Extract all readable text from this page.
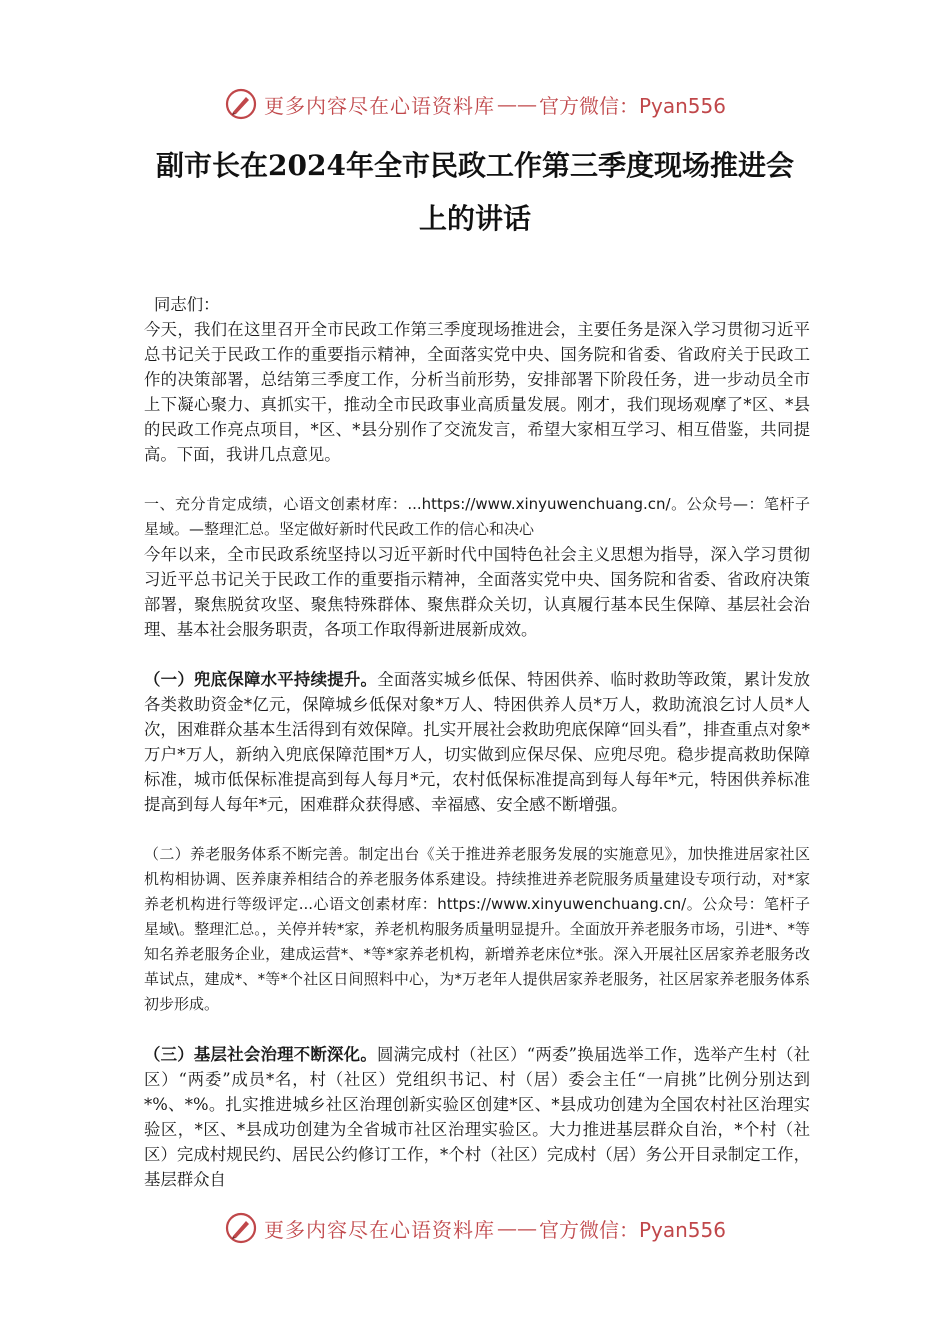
更多内容尽在心语资料库 —— 官方微信：Pyan556
副市长在2024年全市民政工作第三季度现场推进会
上的讲话
同志们：

今天，我们在这里召开全市民政工作第三季度现场推进会，主要任务是深入学习贯彻习近平总书记关于民政工作的重要指示精神，全面落实党中央、国务院和省委、省政府关于民政工作的决策部署，总结第三季度工作，分析当前形势，安排部署下阶段任务，进一步动员全市上下凝心聚力、真抓实干，推动全市民政事业高质量发展。刚才，我们现场观摩了*区、*县的民政工作亮点项目，*区、*县分别作了交流发言，希望大家相互学习、相互借鉴，共同提高。下面，我讲几点意见。

一、充分肯定成绩，心语文创素材库：...https://www.xinyuwenchuang.cn/。公众号—：笔杆子星域。—整理汇总。坚定做好新时代民政工作的信心和决心

今年以来，全市民政系统坚持以习近平新时代中国特色社会主义思想为指导，深入学习贯彻习近平总书记关于民政工作的重要指示精神，全面落实党中央、国务院和省委、省政府决策部署，聚焦脱贫攻坚、聚焦特殊群体、聚焦群众关切，认真履行基本民生保障、基层社会治理、基本社会服务职责，各项工作取得新进展新成效。

（一）兜底保障水平持续提升。全面落实城乡低保、特困供养、临时救助等政策，累计发放各类救助资金*亿元，保障城乡低保对象*万人、特困供养人员*万人，救助流浪乞讨人员*人次，困难群众基本生活得到有效保障。扎实开展社会救助兜底保障“回头看”，排查重点对象*万户*万人，新纳入兜底保障范围*万人，切实做到应保尽保、应兜尽兜。稳步提高救助保障标准，城市低保标准提高到每人每月*元，农村低保标准提高到每人每年*元，特困供养标准提高到每人每年*元，困难群众获得感、幸福感、安全感不断增强。

（二）养老服务体系不断完善。制定出台《关于推进养老服务发展的实施意见》，加快推进居家社区机构相协调、医养康养相结合的养老服务体系建设。持续推进养老院服务质量建设专项行动，对*家养老机构进行等级评定...心语文创素材库：https://www.xinyuwenchuang.cn/。公众号：笔杆子星域\。整理汇总。，关停并转*家，养老机构服务质量明显提升。全面放开养老服务市场，引进*、*等知名养老服务企业，建成运营*、*等*家养老机构，新增养老床位*张。深入开展社区居家养老服务改革试点，建成*、*等*个社区日间照料中心，为*万老年人提供居家养老服务，社区居家养老服务体系初步形成。

（三）基层社会治理不断深化。圆满完成村（社区）“两委”换届选举工作，选举产生村（社区）“两委”成员*名，村（社区）党组织书记、村（居）委会主任“一肩挑”比例分别达到*%、*%。扎实推进城乡社区治理创新实验区创建*区、*县成功创建为全国农村社区治理实验区，*区、*县成功创建为全省城市社区治理实验区。大力推进基层群众自治，*个村（社区）完成村规民约、居民公约修订工作，*个村（社区）完成村（居）务公开目录制定工作，基层群众自

更多内容尽在心语资料库 —— 官方微信：Pyan556
